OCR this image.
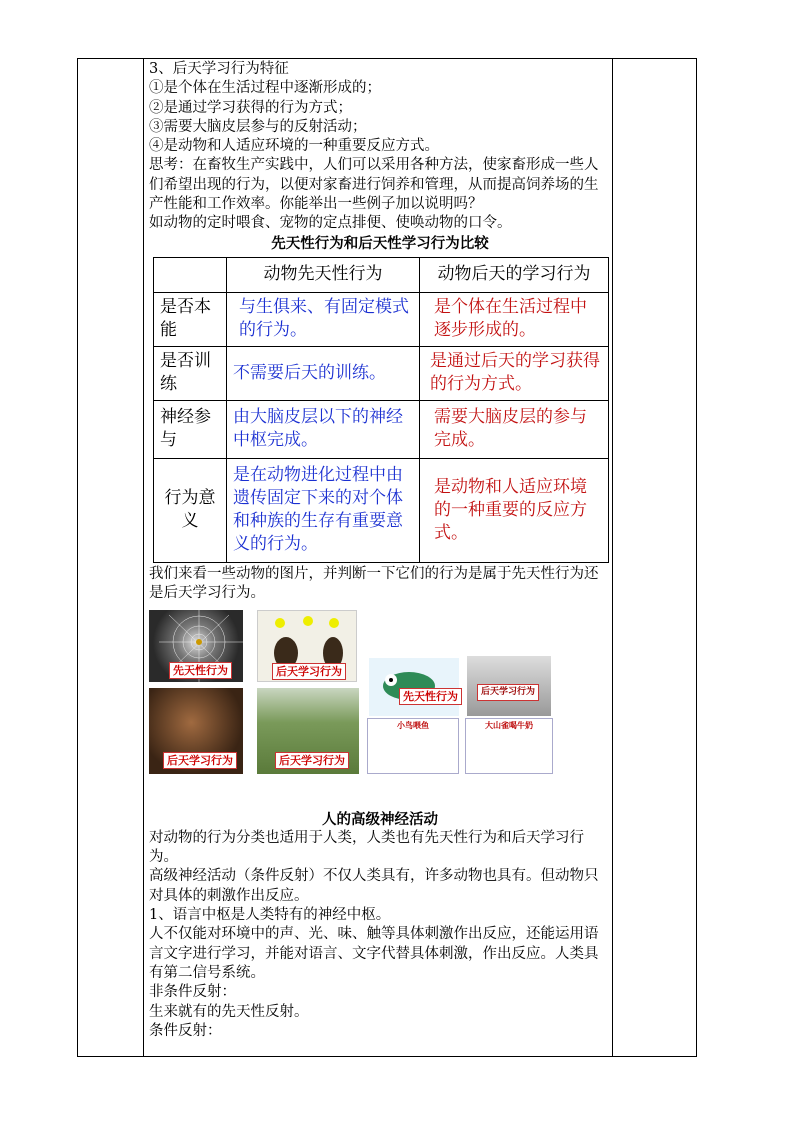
3、后天学习行为特征

①是个体在生活过程中逐渐形成的；

②是通过学习获得的行为方式；

③需要大脑皮层参与的反射活动；

④是动物和人适应环境的一种重要反应方式。

思考：在畜牧生产实践中，人们可以采用各种方法，使家畜形成一些人们希望出现的行为，以便对家畜进行饲养和管理，从而提高饲养场的生产性能和工作效率。你能举出一些例子加以说明吗？

如动物的定时喂食、宠物的定点排便、使唤动物的口令。

先天性行为和后天性学习行为比较

	动物先天性行为	动物后天的学习行为
是否本能	与生俱来、有固定模式的行为。	是个体在生活过程中逐步形成的。
是否训练	不需要后天的训练。	是通过后天的学习获得的行为方式。
神经参与	由大脑皮层以下的神经中枢完成。	需要大脑皮层的参与完成。
行为意义	是在动物进化过程中由遗传固定下来的对个体和种族的生存有重要意义的行为。	是动物和人适应环境的一种重要的反应方式。

我们来看一些动物的图片，并判断一下它们的行为是属于先天性行为还是后天学习行为。

先天性行为	后天学习行为
先天性行为	后天学习行为
后天学习行为	后天学习行为
小鸟喂鱼	大山雀喝牛奶

人的高级神经活动

对动物的行为分类也适用于人类，人类也有先天性行为和后天学习行为。

高级神经活动（条件反射）不仅人类具有，许多动物也具有。但动物只对具体的刺激作出反应。

1、语言中枢是人类特有的神经中枢。

人不仅能对环境中的声、光、味、触等具体刺激作出反应，还能运用语言文字进行学习，并能对语言、文字代替具体刺激，作出反应。人类具有第二信号系统。

非条件反射：

生来就有的先天性反射。

条件反射：
